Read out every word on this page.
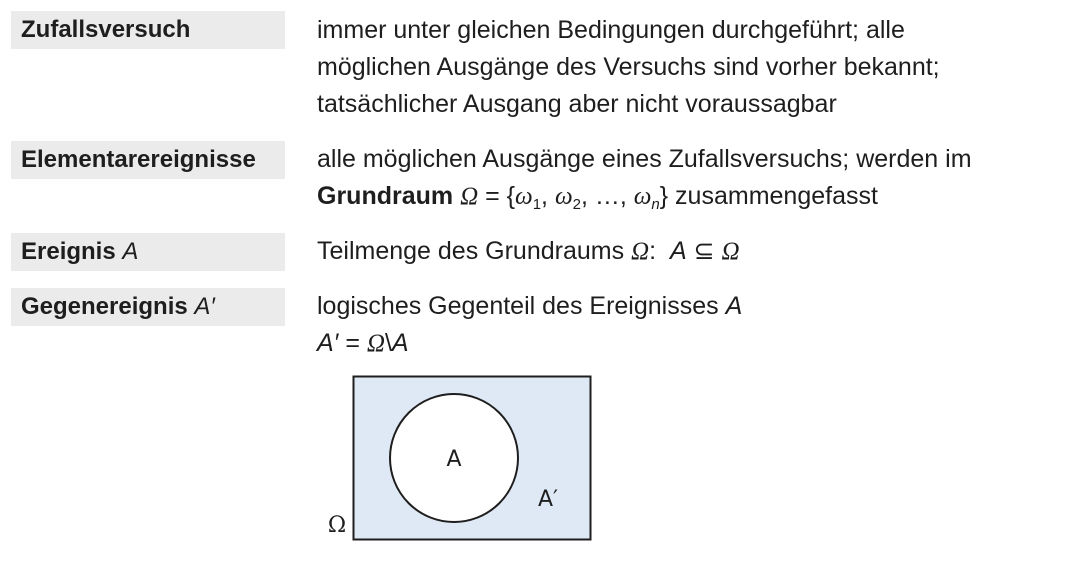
Zufallsversuch	immer unter gleichen Bedingungen durchgeführt; alle
möglichen Ausgänge des Versuchs sind vorher bekannt;
tatsächlicher Ausgang aber nicht voraussagbar
Elementarereignisse	alle möglichen Ausgänge eines Zufallsversuchs; werden im
Grundraum $\Omega = \{\omega_1$, $\omega_2$, …, $\omega_n$} zusammengefasst
Ereignis A	Teilmenge des Grundraums Ω: A ⊆ Ω
Gegenereignis A′	logisches Gegenteil des Ereignisses A
A′ = Ω\A
A
A′
Ω
